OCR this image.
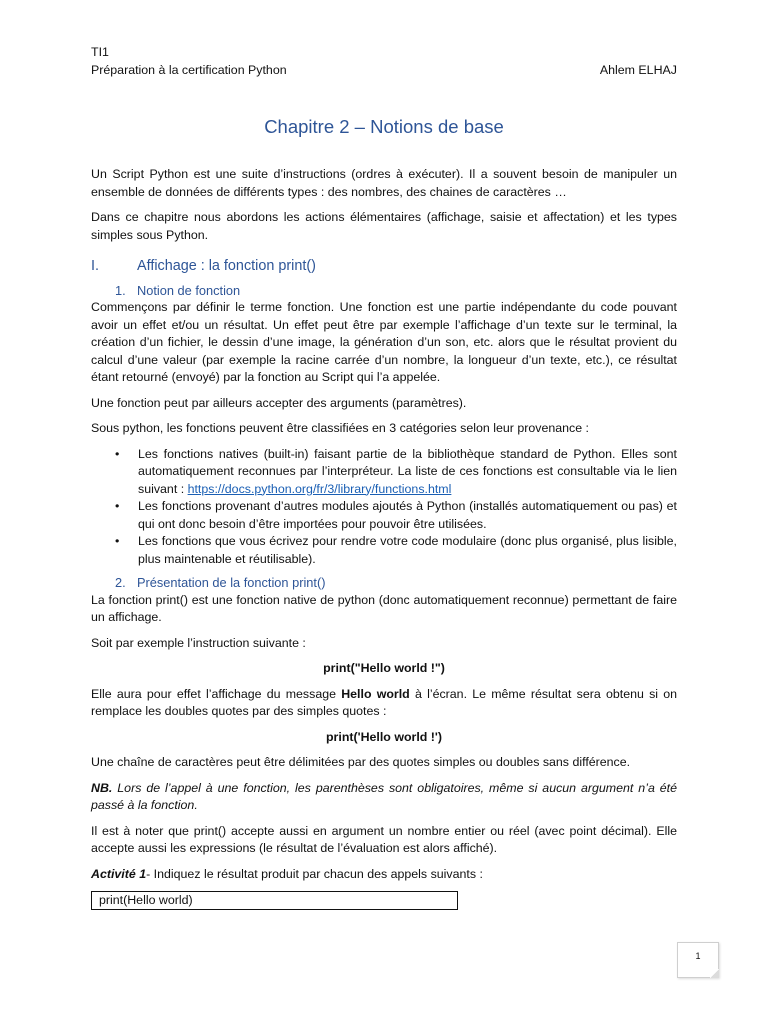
TI1
Préparation à la certification Python	Ahlem ELHAJ
Chapitre 2 – Notions de base

Un Script Python est une suite d’instructions (ordres à exécuter). Il a souvent besoin de manipuler un ensemble de données de différents types : des nombres, des chaines de caractères …

Dans ce chapitre nous abordons les actions élémentaires (affichage, saisie et affectation) et les types simples sous Python.

I.	Affichage : la fonction print()
1. Notion de fonction

Commençons par définir le terme fonction. Une fonction est une partie indépendante du code pouvant avoir un effet et/ou un résultat. Un effet peut être par exemple l’affichage d’un texte sur le terminal, la création d’un fichier, le dessin d’une image, la génération d’un son, etc. alors que le résultat provient du calcul d’une valeur (par exemple la racine carrée d’un nombre, la longueur d’un texte, etc.), ce résultat étant retourné (envoyé) par la fonction au Script qui l’a appelée.

Une fonction peut par ailleurs accepter des arguments (paramètres).

Sous python, les fonctions peuvent être classifiées en 3 catégories selon leur provenance :

• Les fonctions natives (built-in) faisant partie de la bibliothèque standard de Python. Elles sont automatiquement reconnues par l’interpréteur. La liste de ces fonctions est consultable via le lien suivant : https://docs.python.org/fr/3/library/functions.html
• Les fonctions provenant d’autres modules ajoutés à Python (installés automatiquement ou pas) et qui ont donc besoin d’être importées pour pouvoir être utilisées.
• Les fonctions que vous écrivez pour rendre votre code modulaire (donc plus organisé, plus lisible, plus maintenable et réutilisable).
2. Présentation de la fonction print()

La fonction print() est une fonction native de python (donc automatiquement reconnue) permettant de faire un affichage.

Soit par exemple l’instruction suivante :

print("Hello world !")

Elle aura pour effet l’affichage du message Hello world à l’écran. Le même résultat sera obtenu si on remplace les doubles quotes par des simples quotes :

print('Hello world !')

Une chaîne de caractères peut être délimitées par des quotes simples ou doubles sans différence.

NB. Lors de l’appel à une fonction, les parenthèses sont obligatoires, même si aucun argument n’a été passé à la fonction.

Il est à noter que print() accepte aussi en argument un nombre entier ou réel (avec point décimal). Elle accepte aussi les expressions (le résultat de l’évaluation est alors affiché).

Activité 1- Indiquez le résultat produit par chacun des appels suivants :

print(Hello world)
1
